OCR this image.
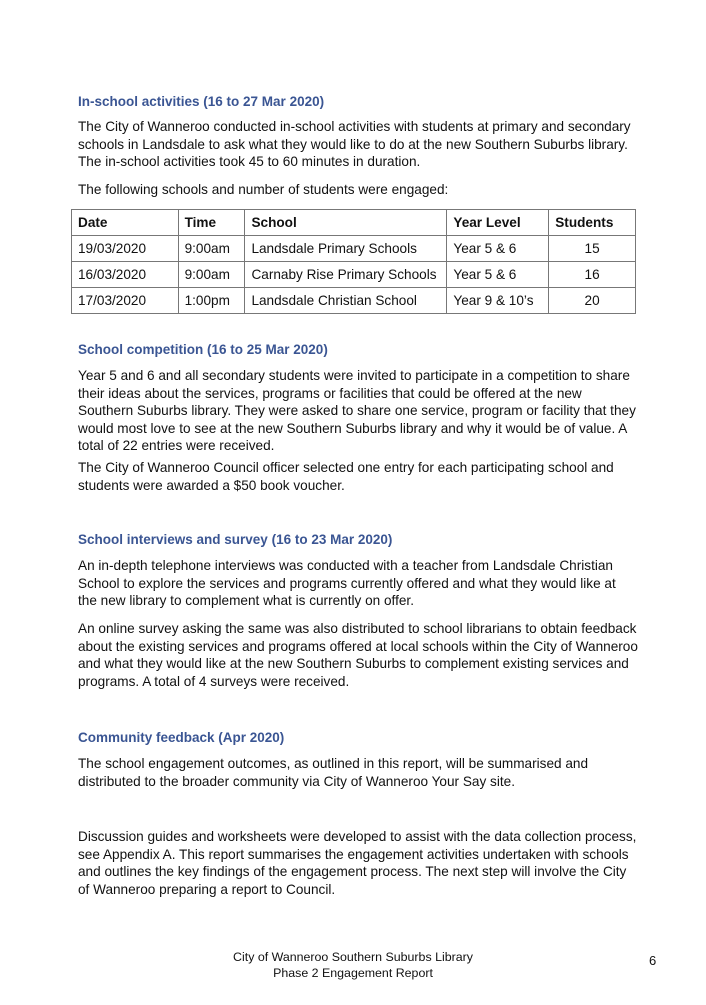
In-school activities (16 to 27 Mar 2020)

The City of Wanneroo conducted in-school activities with students at primary and secondary schools in Landsdale to ask what they would like to do at the new Southern Suburbs library. The in-school activities took 45 to 60 minutes in duration.

The following schools and number of students were engaged:

Date	Time	School	Year Level	Students
19/03/2020	9:00am	Landsdale Primary Schools	Year 5 & 6	15
16/03/2020	9:00am	Carnaby Rise Primary Schools	Year 5 & 6	16
17/03/2020	1:00pm	Landsdale Christian School	Year 9 & 10’s	20
School competition (16 to 25 Mar 2020)

Year 5 and 6 and all secondary students were invited to participate in a competition to share their ideas about the services, programs or facilities that could be offered at the new Southern Suburbs library. They were asked to share one service, program or facility that they would most love to see at the new Southern Suburbs library and why it would be of value. A total of 22 entries were received.

The City of Wanneroo Council officer selected one entry for each participating school and students were awarded a $50 book voucher.

School interviews and survey (16 to 23 Mar 2020)

An in-depth telephone interviews was conducted with a teacher from Landsdale Christian School to explore the services and programs currently offered and what they would like at the new library to complement what is currently on offer.

An online survey asking the same was also distributed to school librarians to obtain feedback about the existing services and programs offered at local schools within the City of Wanneroo and what they would like at the new Southern Suburbs to complement existing services and programs. A total of 4 surveys were received.

Community feedback (Apr 2020)

The school engagement outcomes, as outlined in this report, will be summarised and distributed to the broader community via City of Wanneroo Your Say site.

Discussion guides and worksheets were developed to assist with the data collection process, see Appendix A. This report summarises the engagement activities undertaken with schools and outlines the key findings of the engagement process. The next step will involve the City of Wanneroo preparing a report to Council.

City of Wanneroo Southern Suburbs Library
Phase 2 Engagement Report
6
